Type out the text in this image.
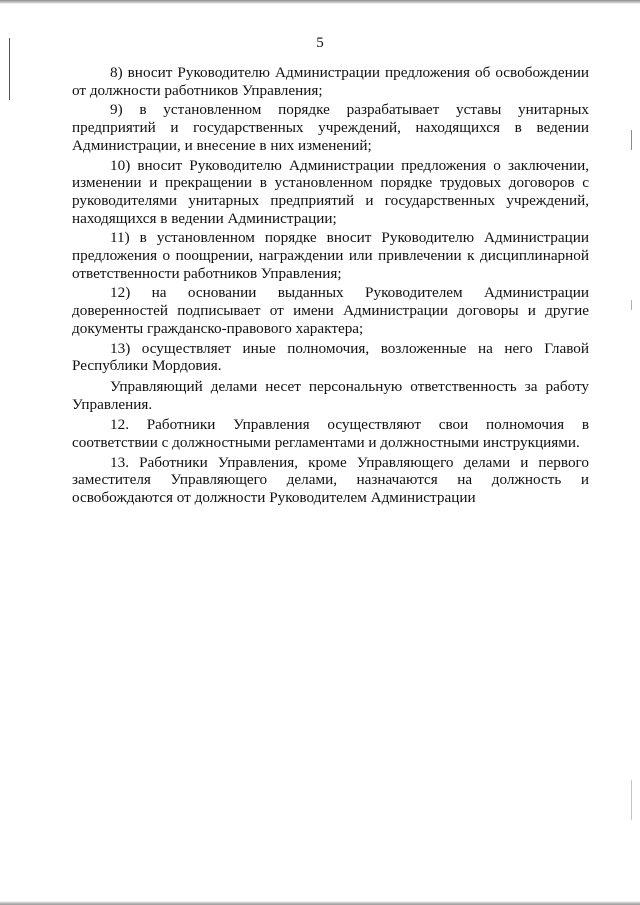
5

8) вносит Руководителю Администрации предложения об освобождении от должности работников Управления;

9) в установленном порядке разрабатывает уставы унитарных предприятий и государственных учреждений, находящихся в ведении Администрации, и внесение в них изменений;

10) вносит Руководителю Администрации предложения о заключении, изменении и прекращении в установленном порядке трудовых договоров с руководителями унитарных предприятий и государственных учреждений, находящихся в ведении Администрации;

11) в установленном порядке вносит Руководителю Администрации предложения о поощрении, награждении или привлечении к дисциплинарной ответственности работников Управления;

12) на основании выданных Руководителем Администрации доверенностей подписывает от имени Администрации договоры и другие документы гражданско-правового характера;

13) осуществляет иные полномочия, возложенные на него Главой Республики Мордовия.

Управляющий делами несет персональную ответственность за работу Управления.

12. Работники Управления осуществляют свои полномочия в соответствии с должностными регламентами и должностными инструкциями.

13. Работники Управления, кроме Управляющего делами и первого заместителя Управляющего делами, назначаются на должность и освобождаются от должности Руководителем Администрации
